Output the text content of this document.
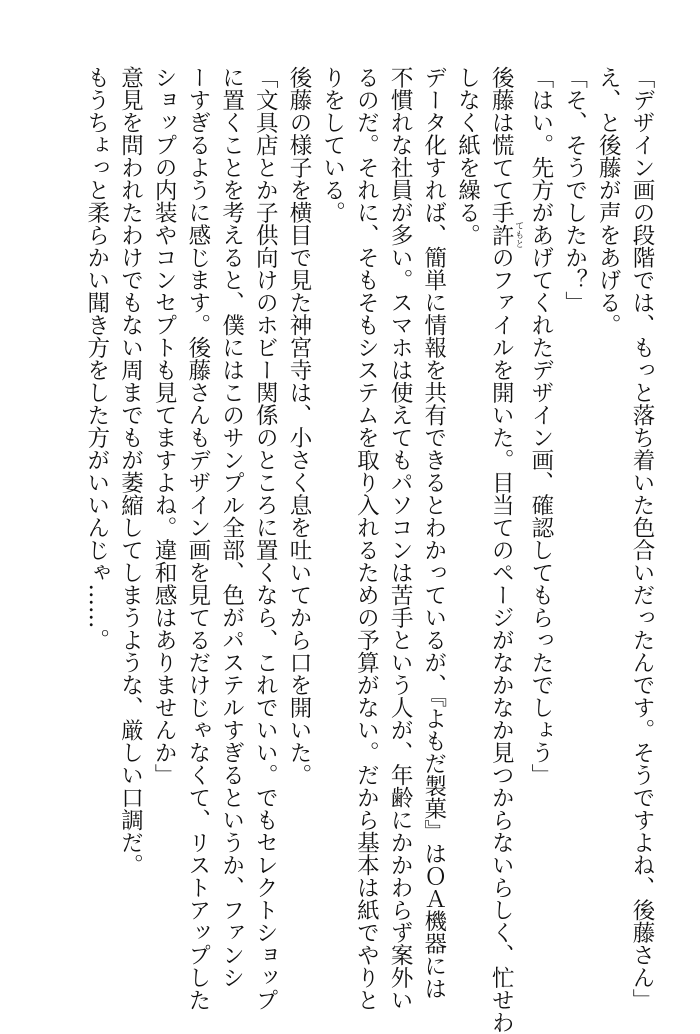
「デザイン画の段階では、もっと落ち着いた色合いだったんです。そうですよね、後藤さん」
え、と後藤が声をあげる。
「そ、そうでしたか？」
「はい。先方があげてくれたデザイン画、確認してもらったでしょう」
後藤は慌てて手許 てもとのファイルを開いた。目当てのページがなかなか見つからないらしく、忙せわ
しなく紙を繰る。
データ化すれば、簡単に情報を共有できるとわかっているが、『よもだ製菓』はＯＡ機器には
不慣れな社員が多い。スマホは使えてもパソコンは苦手という人が、年齢にかかわらず案外い
るのだ。それに、そもそもシステムを取り入れるための予算がない。だから基本は紙でやりと
りをしている。
後藤の様子を横目で見た神宮寺は、小さく息を吐いてから口を開いた。
「文具店とか子供向けのホビー関係のところに置くなら、これでいい。でもセレクトショップ
に置くことを考えると、僕にはこのサンプル全部、色がパステルすぎるというか、ファンシ
ーすぎるように感じます。後藤さんもデザイン画を見てるだけじゃなくて、リストアップした
ショップの内装やコンセプトも見てますよね。違和感はありませんか」
意見を問われたわけでもない周までもが萎縮してしまうような、厳しい口調だ。
もうちょっと柔らかい聞き方をした方がいいんじゃ……。
